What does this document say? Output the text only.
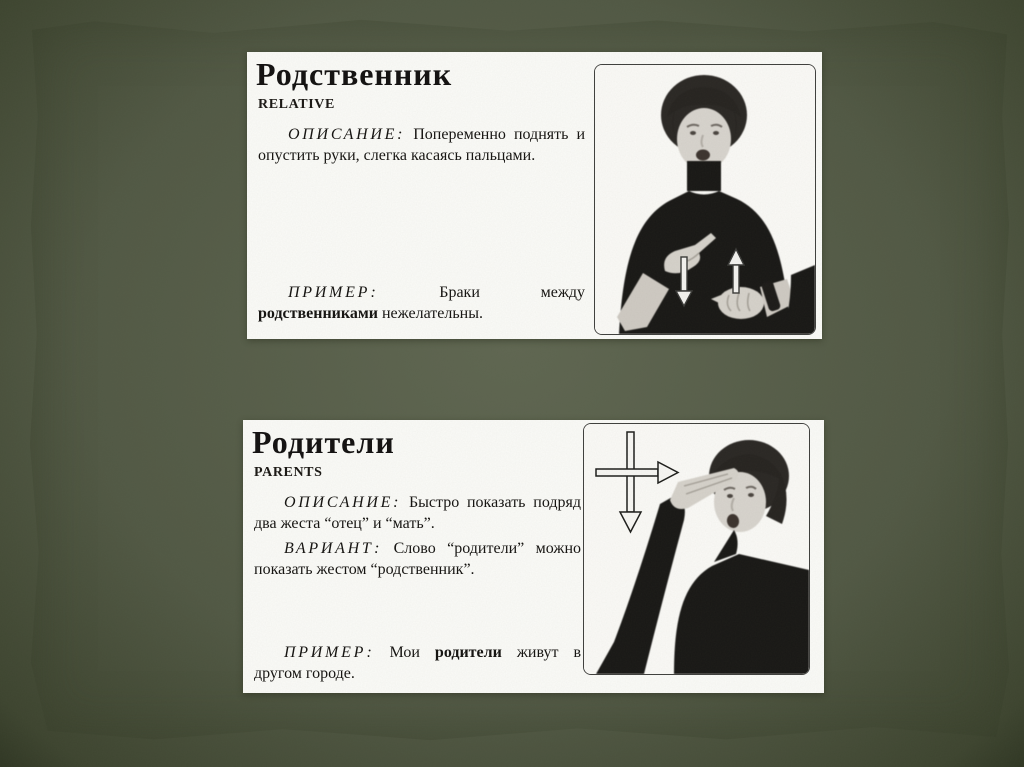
Родственник
RELATIVE

ОПИСАНИЕ: Попеременно поднять и опустить руки, слегка касаясь пальцами.

ПРИМЕР:	Браки между родственниками нежелательны.

Родители
PARENTS

ОПИСАНИЕ: Быстро показать подряд два жеста “отец” и “мать”.

ВАРИАНТ: Слово “родители” можно показать жестом “родственник”.

ПРИМЕР: Мои родители живут в другом городе.
